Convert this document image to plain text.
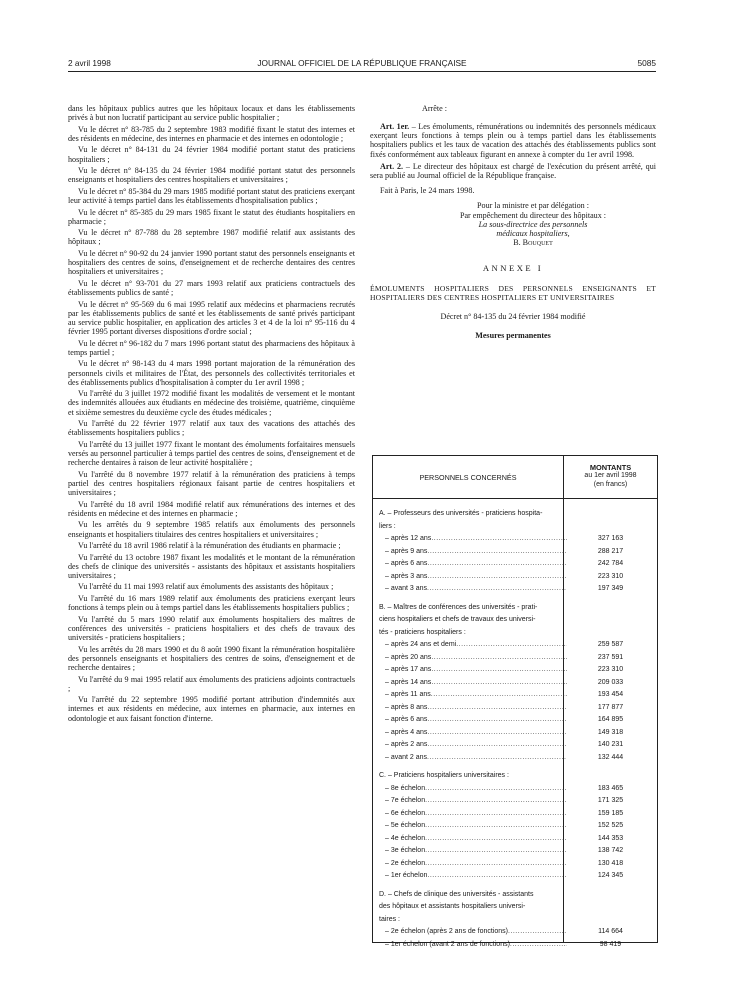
2 avril 1998	JOURNAL OFFICIEL DE LA RÉPUBLIQUE FRANÇAISE	5085

dans les hôpitaux publics autres que les hôpitaux locaux et dans les établissements privés à but non lucratif participant au service public hospitalier ;

Vu le décret n° 83-785 du 2 septembre 1983 modifié fixant le statut des internes et des résidents en médecine, des internes en pharmacie et des internes en odontologie ;

Vu le décret n° 84-131 du 24 février 1984 modifié portant statut des praticiens hospitaliers ;

Vu le décret n° 84-135 du 24 février 1984 modifié portant statut des personnels enseignants et hospitaliers des centres hospitaliers et universitaires ;

Vu le décret n° 85-384 du 29 mars 1985 modifié portant statut des praticiens exerçant leur activité à temps partiel dans les établissements d'hospitalisation publics ;

Vu le décret n° 85-385 du 29 mars 1985 fixant le statut des étudiants hospitaliers en pharmacie ;

Vu le décret n° 87-788 du 28 septembre 1987 modifié relatif aux assistants des hôpitaux ;

Vu le décret n° 90-92 du 24 janvier 1990 portant statut des personnels enseignants et hospitaliers des centres de soins, d'enseignement et de recherche dentaires des centres hospitaliers et universitaires ;

Vu le décret n° 93-701 du 27 mars 1993 relatif aux praticiens contractuels des établissements publics de santé ;

Vu le décret n° 95-569 du 6 mai 1995 relatif aux médecins et pharmaciens recrutés par les établissements publics de santé et les établissements de santé privés participant au service public hospitalier, en application des articles 3 et 4 de la loi n° 95-116 du 4 février 1995 portant diverses dispositions d'ordre social ;

Vu le décret n° 96-182 du 7 mars 1996 portant statut des pharmaciens des hôpitaux à temps partiel ;

Vu le décret n° 98-143 du 4 mars 1998 portant majoration de la rémunération des personnels civils et militaires de l'État, des personnels des collectivités territoriales et des établissements publics d'hospitalisation à compter du 1er avril 1998 ;

Vu l'arrêté du 3 juillet 1972 modifié fixant les modalités de versement et le montant des indemnités allouées aux étudiants en médecine des troisième, quatrième, cinquième et sixième semestres du deuxième cycle des études médicales ;

Vu l'arrêté du 22 février 1977 relatif aux taux des vacations des attachés des établissements hospitaliers publics ;

Vu l'arrêté du 13 juillet 1977 fixant le montant des émoluments forfaitaires mensuels versés au personnel particulier à temps partiel des centres de soins, d'enseignement et de recherche dentaires à raison de leur activité hospitalière ;

Vu l'arrêté du 8 novembre 1977 relatif à la rémunération des praticiens à temps partiel des centres hospitaliers régionaux faisant partie de centres hospitaliers et universitaires ;

Vu l'arrêté du 18 avril 1984 modifié relatif aux rémunérations des internes et des résidents en médecine et des internes en pharmacie ;

Vu les arrêtés du 9 septembre 1985 relatifs aux émoluments des personnels enseignants et hospitaliers titulaires des centres hospitaliers et universitaires ;

Vu l'arrêté du 18 avril 1986 relatif à la rémunération des étudiants en pharmacie ;

Vu l'arrêté du 13 octobre 1987 fixant les modalités et le montant de la rémunération des chefs de clinique des universités - assistants des hôpitaux et assistants hospitaliers universitaires ;

Vu l'arrêté du 11 mai 1993 relatif aux émoluments des assistants des hôpitaux ;

Vu l'arrêté du 16 mars 1989 relatif aux émoluments des praticiens exerçant leurs fonctions à temps plein ou à temps partiel dans les établissements hospitaliers publics ;

Vu l'arrêté du 5 mars 1990 relatif aux émoluments hospitaliers des maîtres de conférences des universités - praticiens hospitaliers et des chefs de travaux des universités - praticiens hospitaliers ;

Vu les arrêtés du 28 mars 1990 et du 8 août 1990 fixant la rémunération hospitalière des personnels enseignants et hospitaliers des centres de soins, d'enseignement et de recherche dentaires ;

Vu l'arrêté du 9 mai 1995 relatif aux émoluments des praticiens adjoints contractuels ;

Vu l'arrêté du 22 septembre 1995 modifié portant attribution d'indemnités aux internes et aux résidents en médecine, aux internes en pharmacie, aux internes en odontologie et aux faisant fonction d'interne.

Arrête :

Art. 1er. – Les émoluments, rémunérations ou indemnités des personnels médicaux exerçant leurs fonctions à temps plein ou à temps partiel dans les établissements hospitaliers publics et les taux de vacation des attachés des établissements publics sont fixés conformément aux tableaux figurant en annexe à compter du 1er avril 1998.

Art. 2. – Le directeur des hôpitaux est chargé de l'exécution du présent arrêté, qui sera publié au Journal officiel de la République française.

Fait à Paris, le 24 mars 1998.

Pour la ministre et par délégation :

Par empêchement du directeur des hôpitaux :

La sous-directrice des personnels

médicaux hospitaliers,

B. Bouquet

ANNEXE I

ÉMOLUMENTS HOSPITALIERS DES PERSONNELS ENSEIGNANTS ET HOSPITALIERS DES CENTRES HOSPITALIERS ET UNIVERSITAIRES

Décret n° 84-135 du 24 février 1984 modifié

Mesures permanentes

PERSONNELS CONCERNÉS
MONTANTS
au 1er avril 1998
(en francs)
A. – Professeurs des universités - praticiens hospita-
liers :
– après 12 ans .....	327 163
– après 9 ans .....	288 217
– après 6 ans .....	242 784
– après 3 ans .....	223 310
– avant 3 ans .....	197 349
B. – Maîtres de conférences des universités - prati-
ciens hospitaliers et chefs de travaux des universi-
tés - praticiens hospitaliers :
– après 24 ans et demi .....	259 587
– après 20 ans .....	237 591
– après 17 ans .....	223 310
– après 14 ans .....	209 033
– après 11 ans .....	193 454
– après 8 ans .....	177 877
– après 6 ans .....	164 895
– après 4 ans .....	149 318
– après 2 ans .....	140 231
– avant 2 ans .....	132 444
C. – Praticiens hospitaliers universitaires :
– 8e échelon .....	183 465
– 7e échelon .....	171 325
– 6e échelon .....	159 185
– 5e échelon .....	152 525
– 4e échelon .....	144 353
– 3e échelon .....	138 742
– 2e échelon .....	130 418
– 1er échelon .....	124 345
D. – Chefs de clinique des universités - assistants
des hôpitaux et assistants hospitaliers universi-
taires :
– 2e échelon (après 2 ans de fonctions) .....	114 664
– 1er échelon (avant 2 ans de fonctions) .....	98 419
